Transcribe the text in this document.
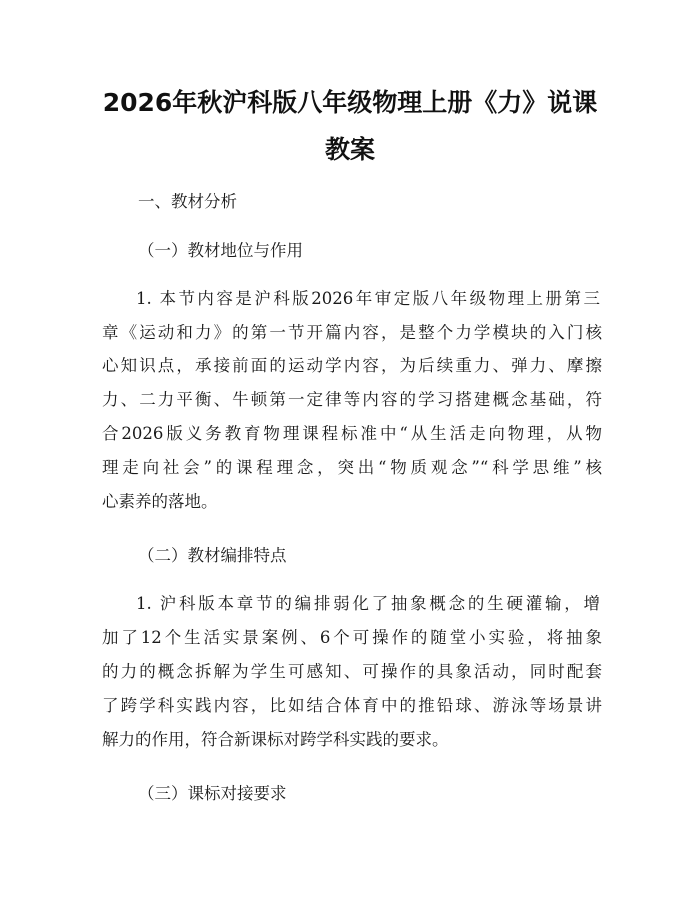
2026年秋沪科版八年级物理上册《力》说课
教案
一、教材分析
（一）教材地位与作用
1. 本节内容是沪科版2026年审定版八年级物理上册第三
章《运动和力》的第一节开篇内容，是整个力学模块的入门核
心知识点，承接前面的运动学内容，为后续重力、弹力、摩擦
力、二力平衡、牛顿第一定律等内容的学习搭建概念基础，符
合2026版义务教育物理课程标准中“从生活走向物理，从物
理走向社会”的课程理念，突出“物质观念”“科学思维”核
心素养的落地。
（二）教材编排特点
1. 沪科版本章节的编排弱化了抽象概念的生硬灌输，增
加了12个生活实景案例、6个可操作的随堂小实验，将抽象
的力的概念拆解为学生可感知、可操作的具象活动，同时配套
了跨学科实践内容，比如结合体育中的推铅球、游泳等场景讲
解力的作用，符合新课标对跨学科实践的要求。
（三）课标对接要求
